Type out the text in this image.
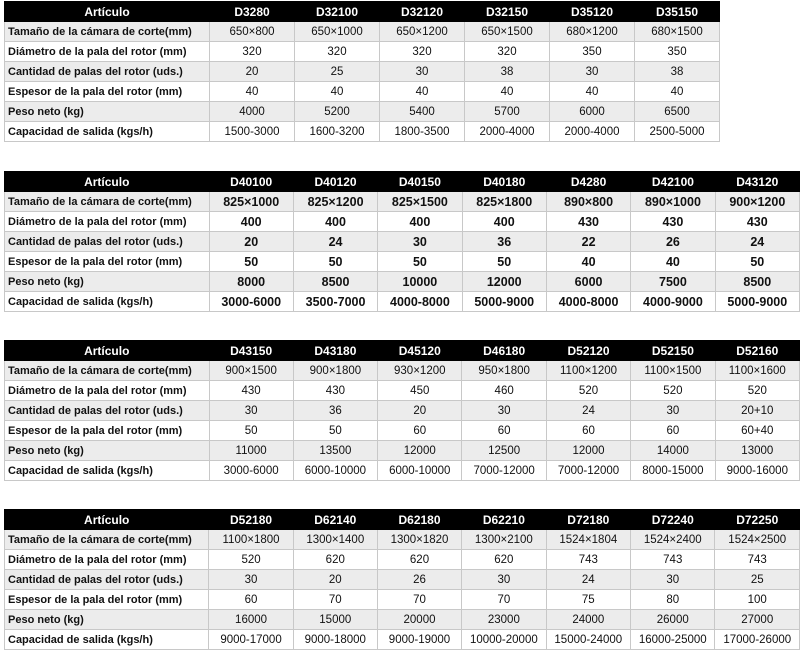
Artículo	D3280	D32100	D32120	D32150	D35120	D35150
Tamaño de la cámara de corte(mm)	650×800	650×1000	650×1200	650×1500	680×1200	680×1500
Diámetro de la pala del rotor (mm)	320	320	320	320	350	350
Cantidad de palas del rotor (uds.)	20	25	30	38	30	38
Espesor de la pala del rotor (mm)	40	40	40	40	40	40
Peso neto (kg)	4000	5200	5400	5700	6000	6500
Capacidad de salida (kgs/h)	1500-3000	1600-3200	1800-3500	2000-4000	2000-4000	2500-5000
Artículo	D40100	D40120	D40150	D40180	D4280	D42100	D43120
Tamaño de la cámara de corte(mm)	825×1000	825×1200	825×1500	825×1800	890×800	890×1000	900×1200
Diámetro de la pala del rotor (mm)	400	400	400	400	430	430	430
Cantidad de palas del rotor (uds.)	20	24	30	36	22	26	24
Espesor de la pala del rotor (mm)	50	50	50	50	40	40	50
Peso neto (kg)	8000	8500	10000	12000	6000	7500	8500
Capacidad de salida (kgs/h)	3000-6000	3500-7000	4000-8000	5000-9000	4000-8000	4000-9000	5000-9000
Artículo	D43150	D43180	D45120	D46180	D52120	D52150	D52160
Tamaño de la cámara de corte(mm)	900×1500	900×1800	930×1200	950×1800	1100×1200	1100×1500	1100×1600
Diámetro de la pala del rotor (mm)	430	430	450	460	520	520	520
Cantidad de palas del rotor (uds.)	30	36	20	30	24	30	20+10
Espesor de la pala del rotor (mm)	50	50	60	60	60	60	60+40
Peso neto (kg)	11000	13500	12000	12500	12000	14000	13000
Capacidad de salida (kgs/h)	3000-6000	6000-10000	6000-10000	7000-12000	7000-12000	8000-15000	9000-16000
Artículo	D52180	D62140	D62180	D62210	D72180	D72240	D72250
Tamaño de la cámara de corte(mm)	1100×1800	1300×1400	1300×1820	1300×2100	1524×1804	1524×2400	1524×2500
Diámetro de la pala del rotor (mm)	520	620	620	620	743	743	743
Cantidad de palas del rotor (uds.)	30	20	26	30	24	30	25
Espesor de la pala del rotor (mm)	60	70	70	70	75	80	100
Peso neto (kg)	16000	15000	20000	23000	24000	26000	27000
Capacidad de salida (kgs/h)	9000-17000	9000-18000	9000-19000	10000-20000	15000-24000	16000-25000	17000-26000
